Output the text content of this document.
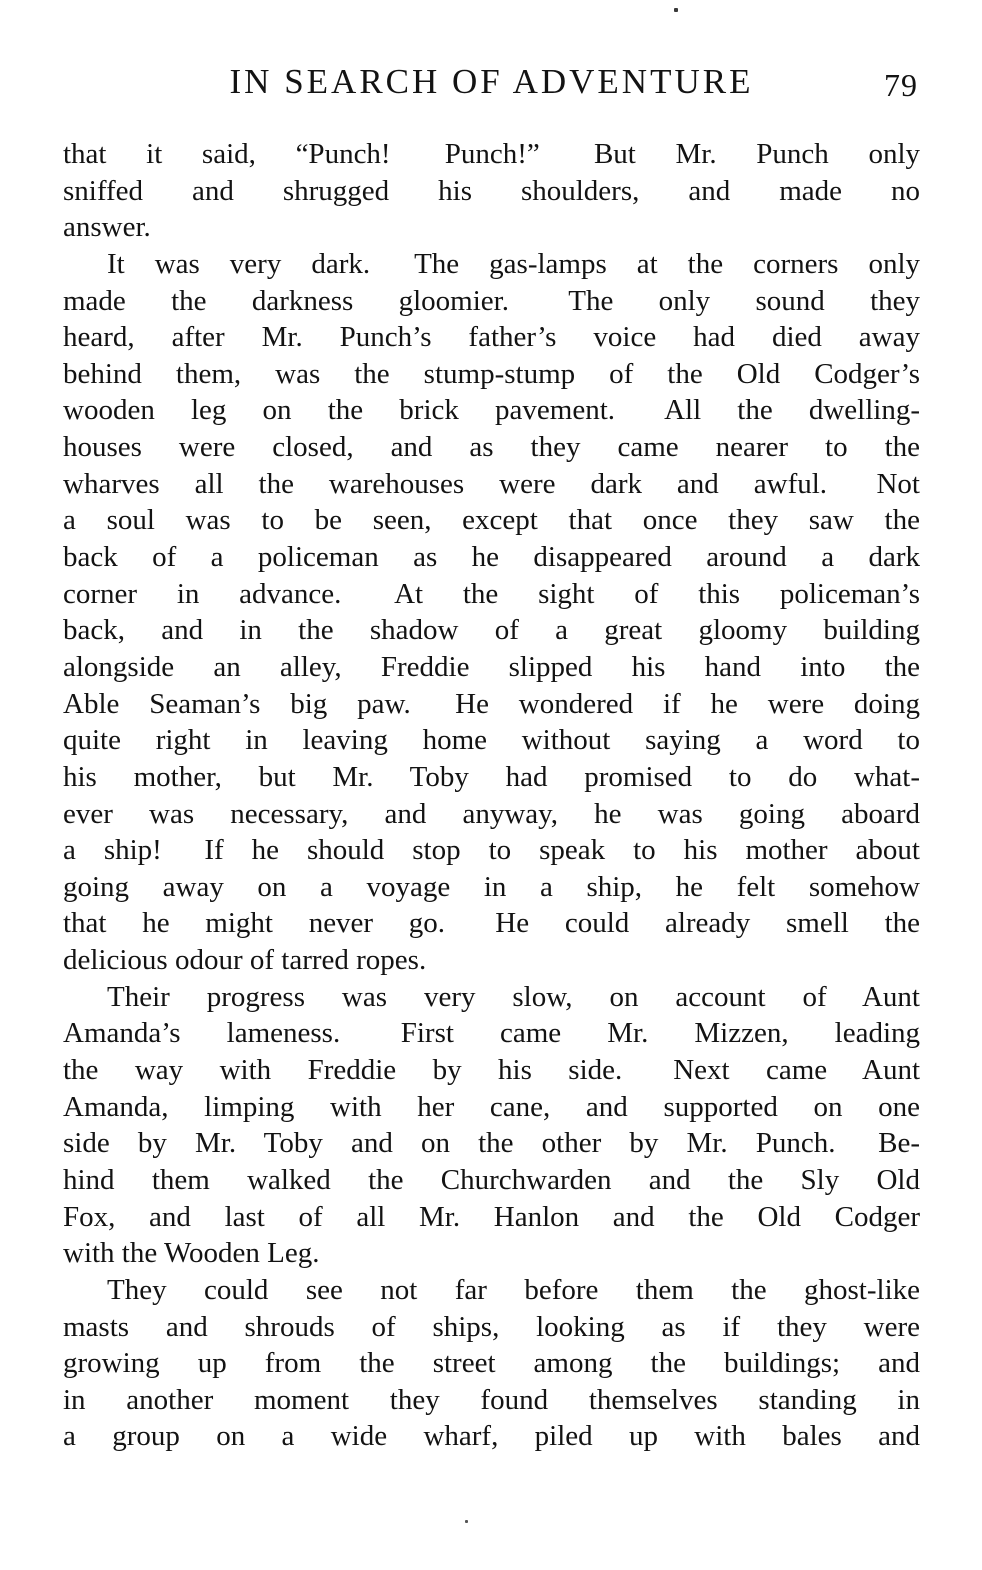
IN SEARCH OF ADVENTURE	79
that it said, “Punch!  Punch!”  But Mr. Punch only
sniffed and shrugged his shoulders, and made no
answer.
It was very dark.  The gas-lamps at the corners only
made the darkness gloomier.  The only sound they
heard, after Mr. Punch’s father’s voice had died away
behind them, was the stump-stump of the Old Codger’s
wooden leg on the brick pavement.  All the dwelling-
houses were closed, and as they came nearer to the
wharves all the warehouses were dark and awful.  Not
a soul was to be seen, except that once they saw the
back of a policeman as he disappeared around a dark
corner in advance.  At the sight of this policeman’s
back, and in the shadow of a great gloomy building
alongside an alley, Freddie slipped his hand into the
Able Seaman’s big paw.  He wondered if he were doing
quite right in leaving home without saying a word to
his mother, but Mr. Toby had promised to do what-
ever was necessary, and anyway, he was going aboard
a ship!  If he should stop to speak to his mother about
going away on a voyage in a ship, he felt somehow
that he might never go.  He could already smell the
delicious odour of tarred ropes.
Their progress was very slow, on account of Aunt
Amanda’s lameness.  First came Mr. Mizzen, leading
the way with Freddie by his side.  Next came Aunt
Amanda, limping with her cane, and supported on one
side by Mr. Toby and on the other by Mr. Punch.  Be-
hind them walked the Churchwarden and the Sly Old
Fox, and last of all Mr. Hanlon and the Old Codger
with the Wooden Leg.
They could see not far before them the ghost-like
masts and shrouds of ships, looking as if they were
growing up from the street among the buildings; and
in another moment they found themselves standing in
a group on a wide wharf, piled up with bales and
